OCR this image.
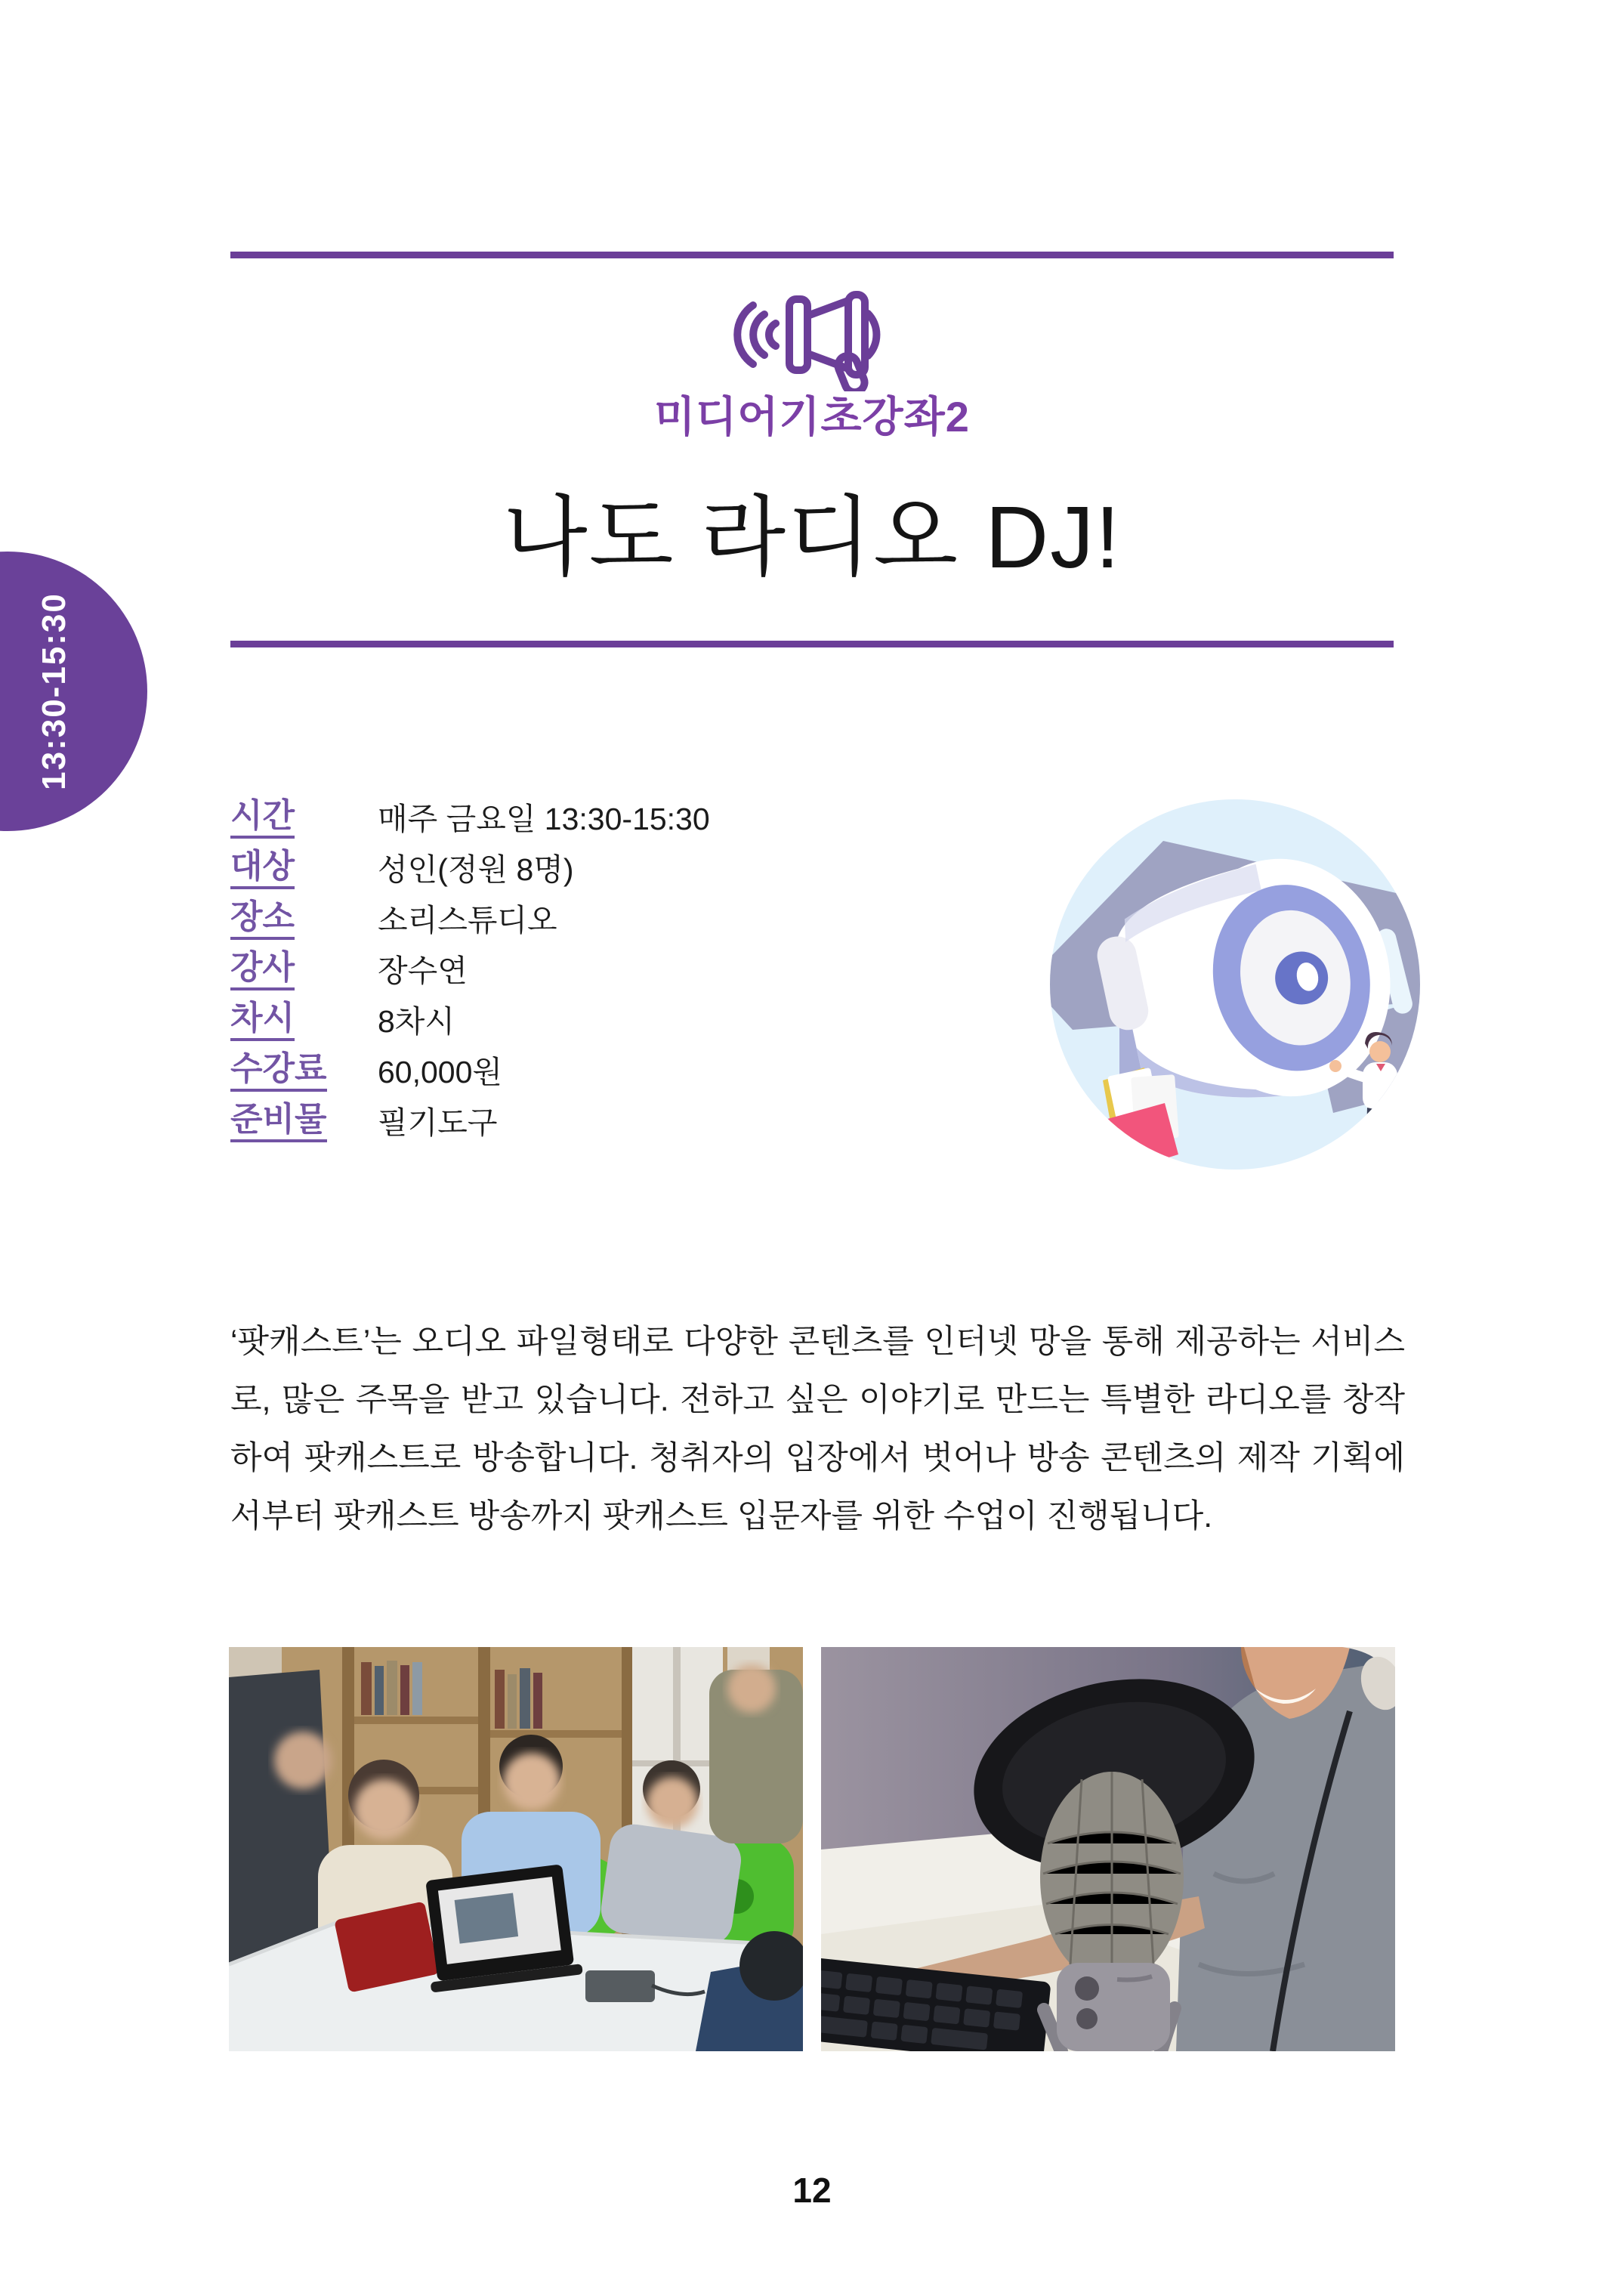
미디어기초강좌2
나도 라디오 DJ!
13:30-15:30
시간	매주 금요일 13:30-15:30
대상	성인(정원 8명)
장소	소리스튜디오
강사	장수연
차시	8차시
수강료	60,000원
준비물	필기도구
‘팟캐스트’는 오디오 파일형태로 다양한 콘텐츠를 인터넷 망을 통해 제공하는 서비스로, 많은 주목을 받고 있습니다. 전하고 싶은 이야기로 만드는 특별한 라디오를 창작하여 팟캐스트로 방송합니다. 청취자의 입장에서 벗어나 방송 콘텐츠의 제작 기획에서부터 팟캐스트 방송까지 팟캐스트 입문자를 위한 수업이 진행됩니다.
12
